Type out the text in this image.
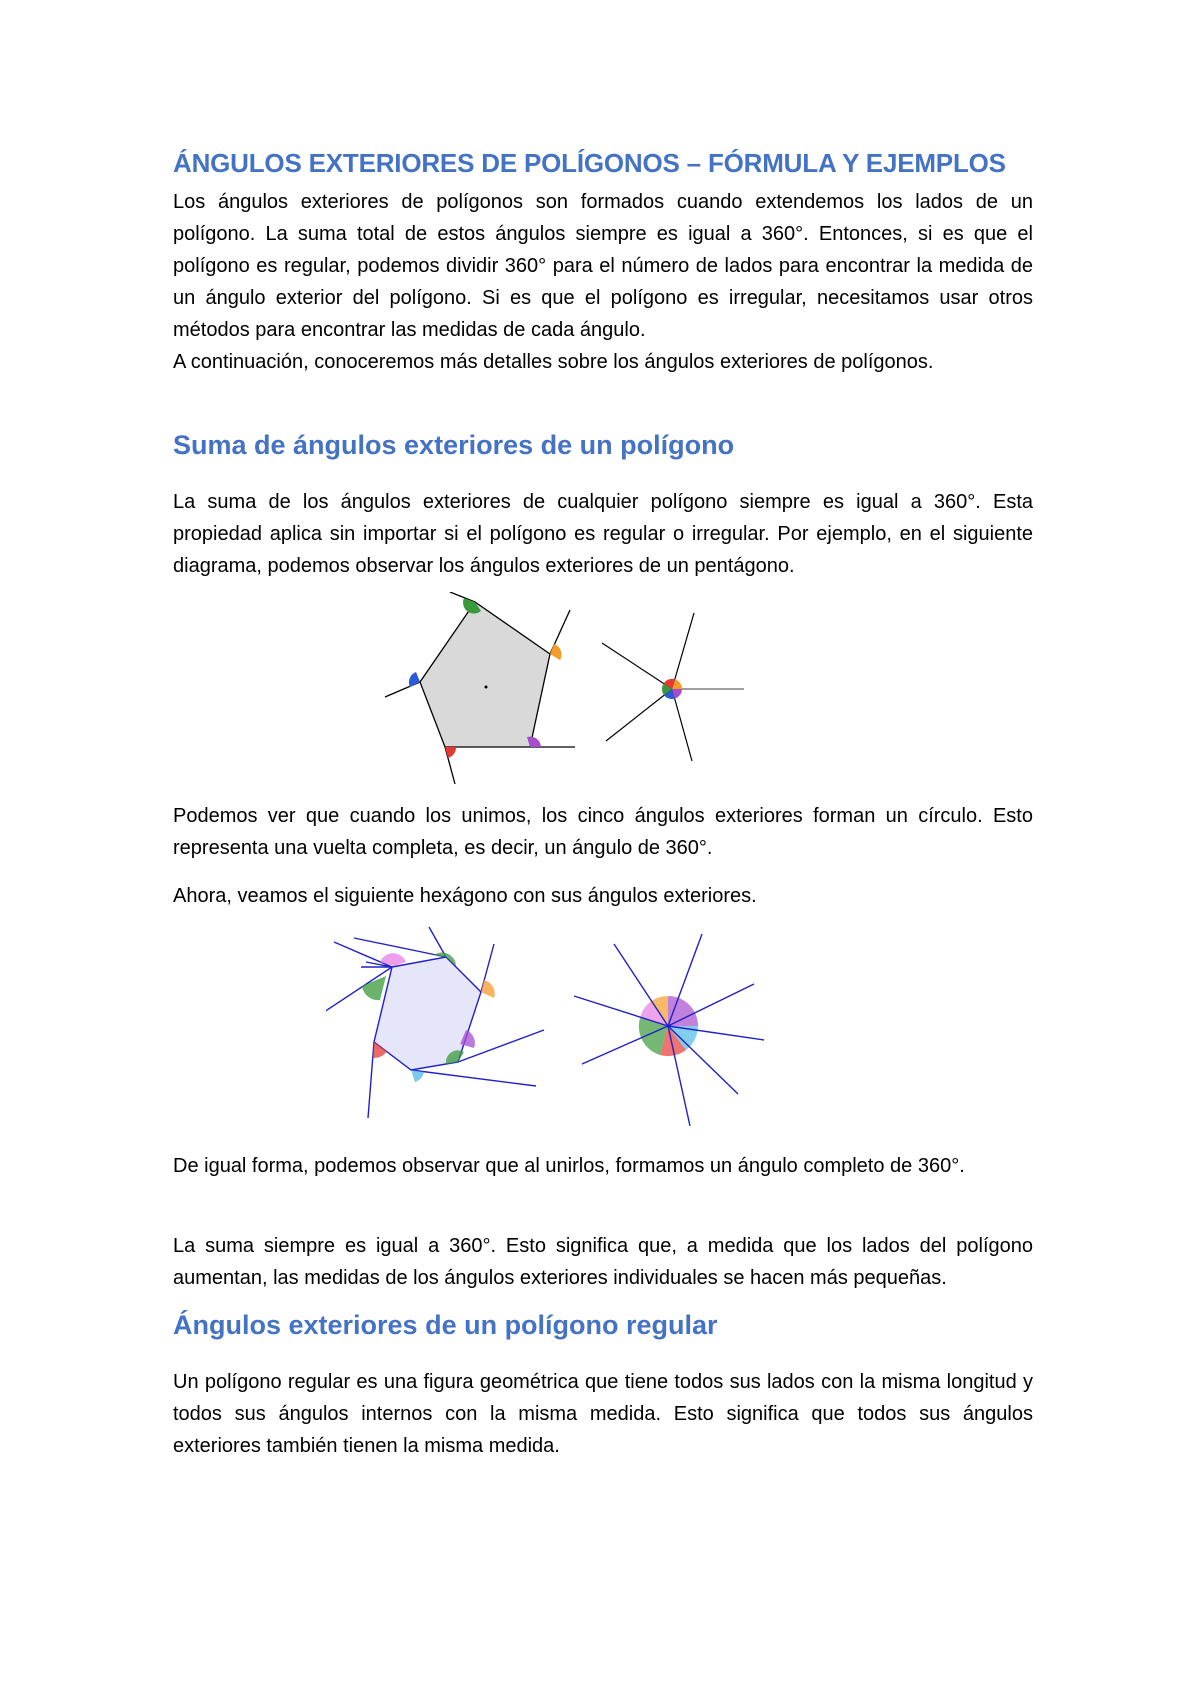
ÁNGULOS EXTERIORES DE POLÍGONOS – FÓRMULA Y EJEMPLOS

Los ángulos exteriores de polígonos son formados cuando extendemos los lados de un polígono. La suma total de estos ángulos siempre es igual a 360°. Entonces, si es que el polígono es regular, podemos dividir 360° para el número de lados para encontrar la medida de un ángulo exterior del polígono. Si es que el polígono es irregular, necesitamos usar otros métodos para encontrar las medidas de cada ángulo.

A continuación, conoceremos más detalles sobre los ángulos exteriores de polígonos.

Suma de ángulos exteriores de un polígono

La suma de los ángulos exteriores de cualquier polígono siempre es igual a 360°. Esta propiedad aplica sin importar si el polígono es regular o irregular. Por ejemplo, en el siguiente diagrama, podemos observar los ángulos exteriores de un pentágono.

Podemos ver que cuando los unimos, los cinco ángulos exteriores forman un círculo. Esto representa una vuelta completa, es decir, un ángulo de 360°.

Ahora, veamos el siguiente hexágono con sus ángulos exteriores.

De igual forma, podemos observar que al unirlos, formamos un ángulo completo de 360°.

La suma siempre es igual a 360°. Esto significa que, a medida que los lados del polígono aumentan, las medidas de los ángulos exteriores individuales se hacen más pequeñas.

Ángulos exteriores de un polígono regular

Un polígono regular es una figura geométrica que tiene todos sus lados con la misma longitud y todos sus ángulos internos con la misma medida. Esto significa que todos sus ángulos exteriores también tienen la misma medida.
